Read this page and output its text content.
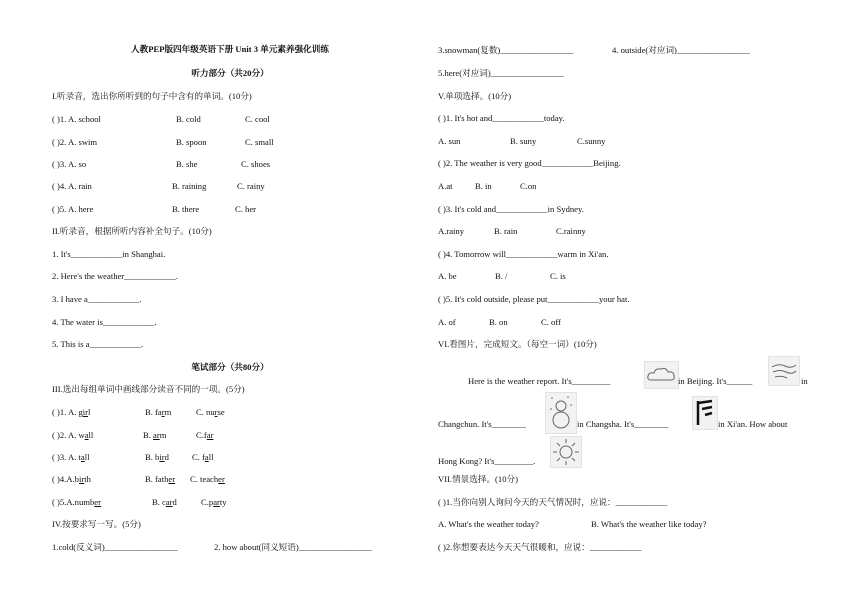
人教PEP版四年级英语下册 Unit 3 单元素养强化训练
听力部分（共20分）
I.听录音，选出你所听到的句子中含有的单词。(10分)
( )1. A. school	B. cold	C. cool
( )2. A. swim	B. spoon	C. small
( )3. A. so	B. she	C. shoes
( )4. A. rain	B. raining	C. rainy
( )5. A. here	B. there	C. her
II.听录音，根据所听内容补全句子。(10分)
1. It's____________in Shanghai.
2. Here's the weather____________.
3. I have a____________.
4. The water is____________.
5. This is a____________.
笔试部分（共80分）
III.选出每组单词中画线部分读音不同的一项。(5分)
( )1. A. girl	B. farm	C. nurse
( )2. A. wall	B. arm	C.far
( )3. A. tall	B. bird	C. fall
( )4.A.birth	B. father C. teacher
( )5.A.number	B. card	C.party
IV.按要求写一写。(5分)
1.cold(反义词)_________________	2. how about(同义短语)_________________
3.snowman(复数)_________________	4. outside(对应词)_________________
5.here(对应词)_________________
V.单项选择。(10分)
( )1. It's hot and____________today.
A. sun	B. suny	C.sunny
( )2. The weather is very good____________Beijing.
A.at	B. in	C.on
( )3. It's cold and____________in Sydney.
A.rainy	B. rain	C.rainny
( )4. Tomorrow will____________warm in Xi'an.
A. be	B. /	C. is
( )5. It's cold outside, please put____________your hat.
A. of	B. on	C. off
VI.看图片，完成短文。（每空一词）(10分)
Here is the weather report. It's_________	in Beijing. It's______	in
Changchun. It's________	in Changsha. It's________	in Xi'an. How about
Hong Kong? It's_________.
VII.情景选择。(10分)
( )1.当你向别人询问今天的天气情况时，应说：____________
A. What's the weather today?	B. What's the weather like today?
( )2.你想要表达今天天气很暖和，应说：____________
